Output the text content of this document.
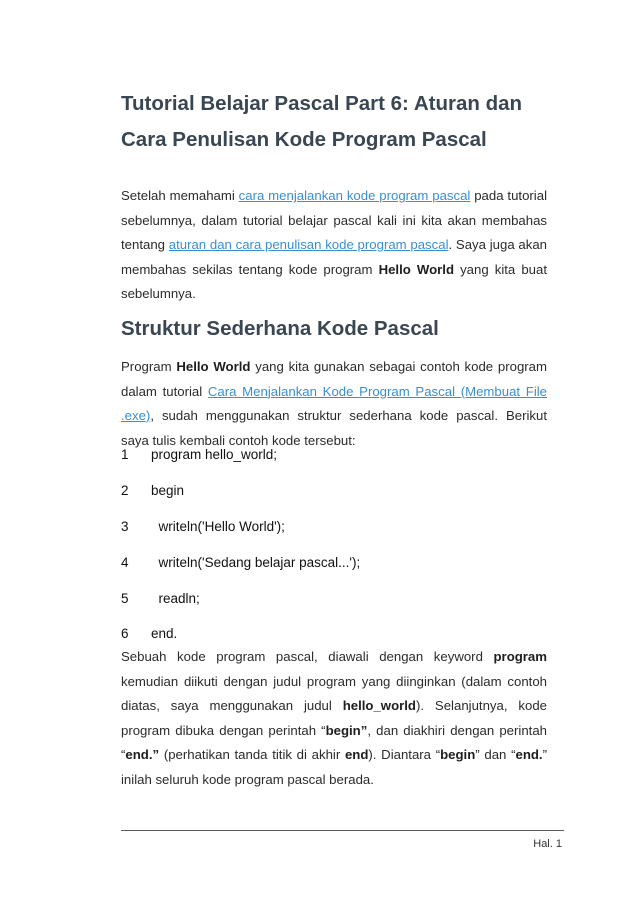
Tutorial Belajar Pascal Part 6: Aturan dan Cara Penulisan Kode Program Pascal

Setelah memahami cara menjalankan kode program pascal pada tutorial sebelumnya, dalam tutorial belajar pascal kali ini kita akan membahas tentang aturan dan cara penulisan kode program pascal. Saya juga akan membahas sekilas tentang kode program Hello World yang kita buat sebelumnya.

Struktur Sederhana Kode Pascal

Program Hello World yang kita gunakan sebagai contoh kode program dalam tutorial Cara Menjalankan Kode Program Pascal (Membuat File .exe), sudah menggunakan struktur sederhana kode pascal. Berikut saya tulis kembali contoh kode tersebut:

1	program hello_world;
2	begin
3	writeln('Hello World');
4	writeln('Sedang belajar pascal...');
5	readln;
6	end.

Sebuah kode program pascal, diawali dengan keyword program kemudian diikuti dengan judul program yang diinginkan (dalam contoh diatas, saya menggunakan judul hello_world). Selanjutnya, kode program dibuka dengan perintah “begin”, dan diakhiri dengan perintah “end.” (perhatikan tanda titik di akhir end). Diantara “begin” dan “end.” inilah seluruh kode program pascal berada.

Hal. 1
